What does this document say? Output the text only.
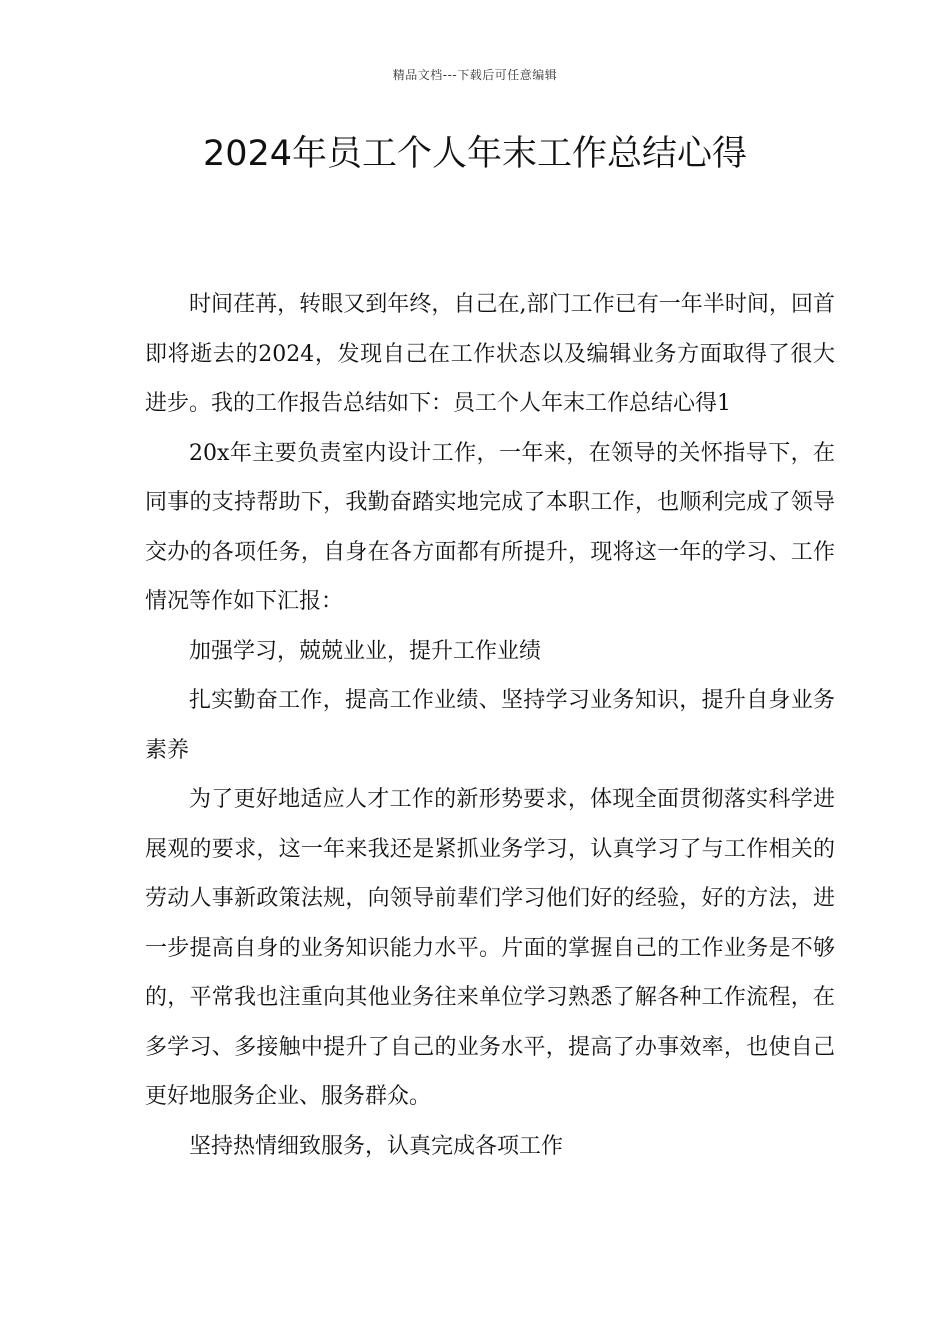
精品文档---下载后可任意编辑
2024年员工个人年末工作总结心得

时间荏苒，转眼又到年终，自己在,部门工作已有一年半时间，回首即将逝去的2024，发现自己在工作状态以及编辑业务方面取得了很大进步。我的工作报告总结如下：员工个人年末工作总结心得1

20x年主要负责室内设计工作，一年来，在领导的关怀指导下，在同事的支持帮助下，我勤奋踏实地完成了本职工作，也顺利完成了领导交办的各项任务，自身在各方面都有所提升，现将这一年的学习、工作情况等作如下汇报：

加强学习，兢兢业业，提升工作业绩

扎实勤奋工作，提高工作业绩、坚持学习业务知识，提升自身业务素养

为了更好地适应人才工作的新形势要求，体现全面贯彻落实科学进展观的要求，这一年来我还是紧抓业务学习，认真学习了与工作相关的劳动人事新政策法规，向领导前辈们学习他们好的经验，好的方法，进一步提高自身的业务知识能力水平。片面的掌握自己的工作业务是不够的，平常我也注重向其他业务往来单位学习熟悉了解各种工作流程，在多学习、多接触中提升了自己的业务水平，提高了办事效率，也使自己更好地服务企业、服务群众。

坚持热情细致服务，认真完成各项工作
